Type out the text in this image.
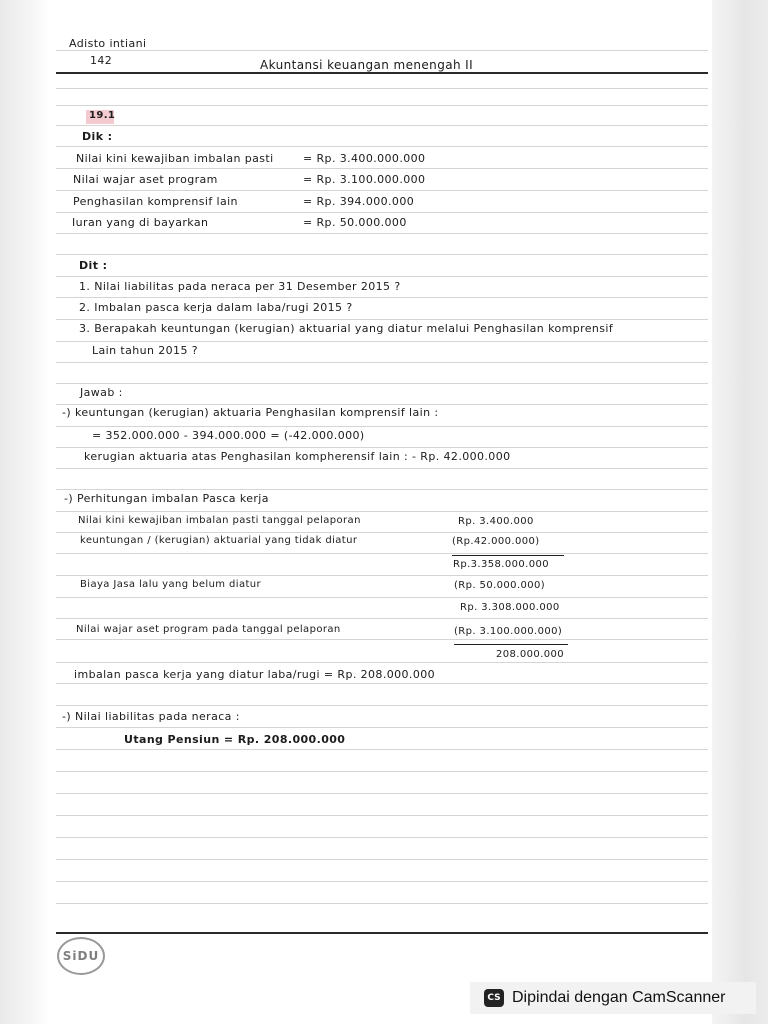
Adisto intiani
142	Akuntansi keuangan menengah II
19.1
Dik :
Nilai kini kewajiban imbalan pasti	= Rp. 3.400.000.000
Nilai wajar aset program	= Rp. 3.100.000.000
Penghasilan komprensif lain	= Rp. 394.000.000
Iuran yang di bayarkan	= Rp. 50.000.000
Dit :
1. Nilai liabilitas pada neraca per 31 Desember 2015 ?
2. Imbalan pasca kerja dalam laba/rugi 2015 ?
3. Berapakah keuntungan (kerugian) aktuarial yang diatur melalui Penghasilan komprensif
Lain tahun 2015 ?
Jawab :
-) keuntungan (kerugian) aktuaria Penghasilan komprensif lain :
= 352.000.000 - 394.000.000 = (-42.000.000)
kerugian aktuaria atas Penghasilan kompherensif lain : - Rp. 42.000.000
-) Perhitungan imbalan Pasca kerja
Nilai kini kewajiban imbalan pasti tanggal pelaporan	Rp. 3.400.000
keuntungan / (kerugian) aktuarial yang tidak diatur	(Rp.42.000.000)
Rp.3.358.000.000
Biaya Jasa lalu yang belum diatur	(Rp. 50.000.000)
Rp. 3.308.000.000
Nilai wajar aset program pada tanggal pelaporan	(Rp. 3.100.000.000)
208.000.000
imbalan pasca kerja yang diatur laba/rugi = Rp. 208.000.000
-) Nilai liabilitas pada neraca :
Utang Pensiun = Rp. 208.000.000
SiDU
CS Dipindai dengan CamScanner
